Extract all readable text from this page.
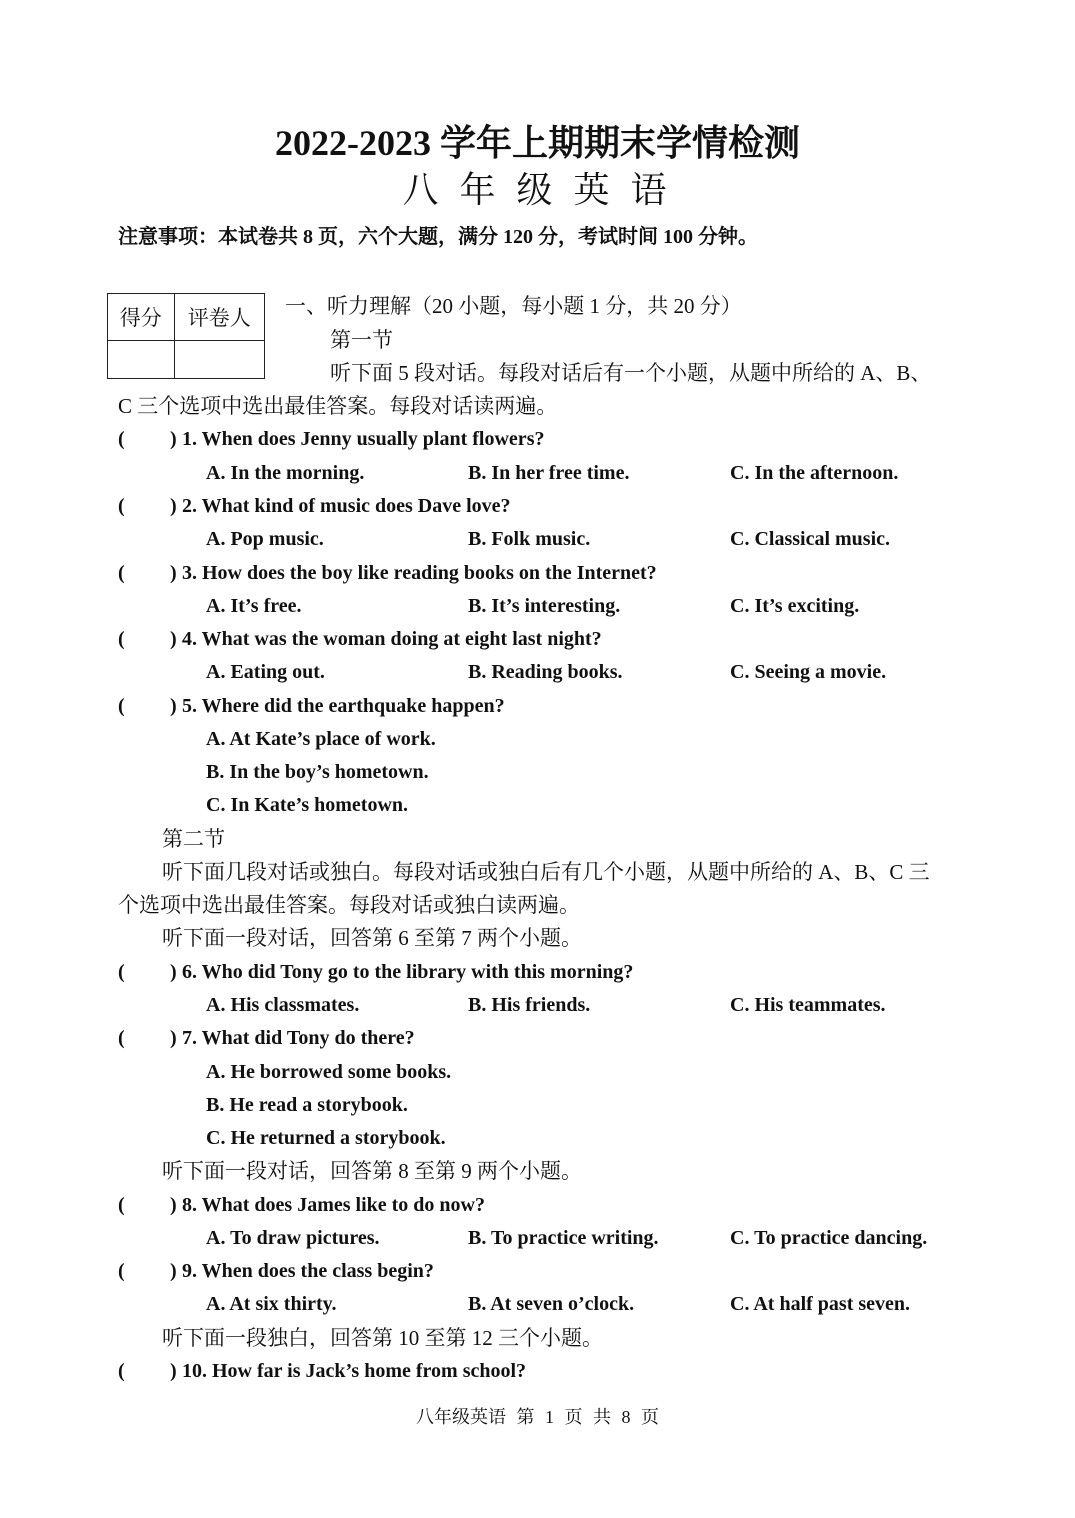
2022-2023 学年上期期末学情检测
八 年 级 英 语
注意事项：本试卷共 8 页，六个大题，满分 120 分，考试时间 100 分钟。
得分	评卷人
		一、听力理解（20 小题，每小题 1 分，共 20 分）
第一节
听下面 5 段对话。每段对话后有一个小题，从题中所给的 A、B、
C 三个选项中选出最佳答案。每段对话读两遍。
( ) 1. When does Jenny usually plant flowers?
A. In the morning.	B. In her free time.	C. In the afternoon.
( ) 2. What kind of music does Dave love?
A. Pop music.	B. Folk music.	C. Classical music.
( ) 3. How does the boy like reading books on the Internet?
A. It’s free.	B. It’s interesting.	C. It’s exciting.
( ) 4. What was the woman doing at eight last night?
A. Eating out.	B. Reading books.	C. Seeing a movie.
( ) 5. Where did the earthquake happen?
A. At Kate’s place of work.
B. In the boy’s hometown.
C. In Kate’s hometown.
第二节
听下面几段对话或独白。每段对话或独白后有几个小题，从题中所给的 A、B、C 三
个选项中选出最佳答案。每段对话或独白读两遍。
听下面一段对话，回答第 6 至第 7 两个小题。
( ) 6. Who did Tony go to the library with this morning?
A. His classmates.	B. His friends.	C. His teammates.
( ) 7. What did Tony do there?
A. He borrowed some books.
B. He read a storybook.
C. He returned a storybook.
听下面一段对话，回答第 8 至第 9 两个小题。
( ) 8. What does James like to do now?
A. To draw pictures.	B. To practice writing.	C. To practice dancing.
( ) 9. When does the class begin?
A. At six thirty.	B. At seven o’clock.	C. At half past seven.
听下面一段独白，回答第 10 至第 12 三个小题。
( ) 10. How far is Jack’s home from school?
八年级英语 第 1 页 共 8 页
